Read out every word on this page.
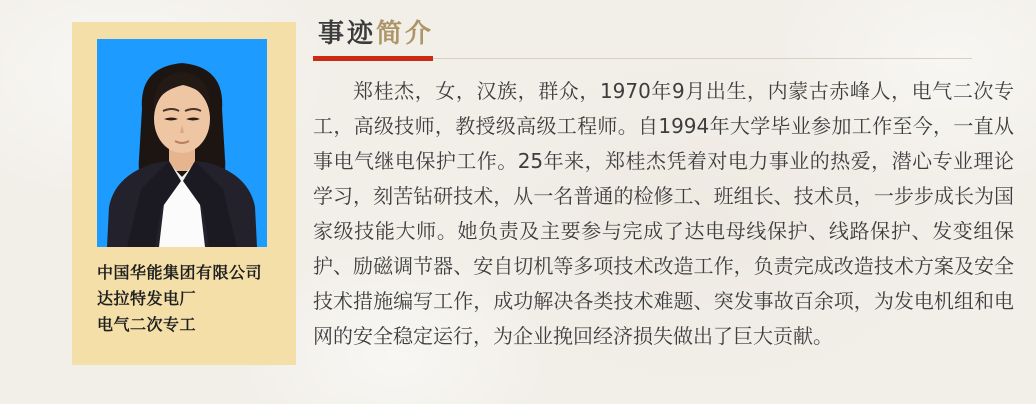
中国华能集团有限公司
达拉特发电厂
电气二次专工
事迹简介

郑桂杰，女，汉族，群众，1970年9月出生，内蒙古赤峰人，电气二次专工，高级技师，教授级高级工程师。自1994年大学毕业参加工作至今，一直从事电气继电保护工作。25年来，郑桂杰凭着对电力事业的热爱，潜心专业理论学习，刻苦钻研技术，从一名普通的检修工、班组长、技术员，一步步成长为国家级技能大师。她负责及主要参与完成了达电母线保护、线路保护、发变组保护、励磁调节器、安自切机等多项技术改造工作，负责完成改造技术方案及安全技术措施编写工作，成功解决各类技术难题、突发事故百余项，为发电机组和电网的安全稳定运行，为企业挽回经济损失做出了巨大贡献。
